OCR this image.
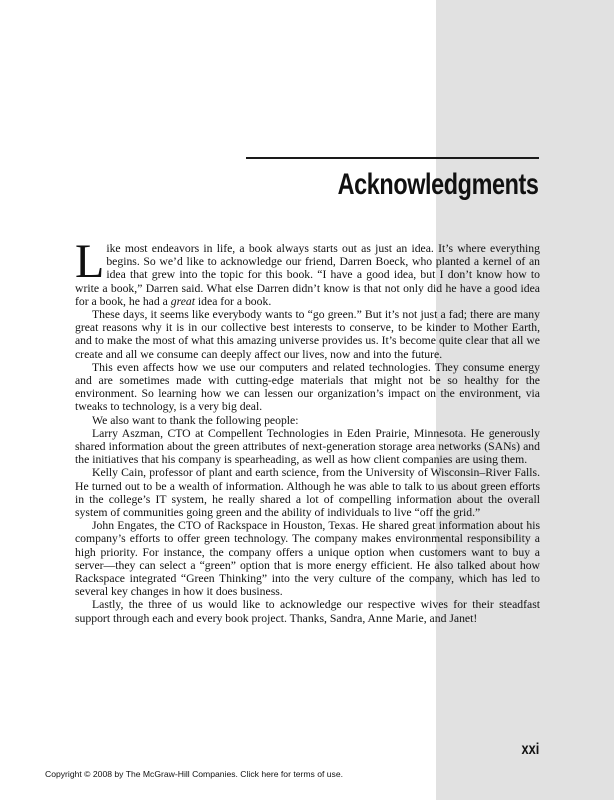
Acknowledgments

Like most endeavors in life, a book always starts out as just an idea. It’s where everything begins. So we’d like to acknowledge our friend, Darren Boeck, who planted a kernel of an idea that grew into the topic for this book. “I have a good idea, but I don’t know how to write a book,” Darren said. What else Darren didn’t know is that not only did he have a good idea for a book, he had a great idea for a book.

These days, it seems like everybody wants to “go green.” But it’s not just a fad; there are many great reasons why it is in our collective best interests to conserve, to be kinder to Mother Earth, and to make the most of what this amazing universe provides us. It’s become quite clear that all we create and all we consume can deeply affect our lives, now and into the future.

This even affects how we use our computers and related technologies. They consume energy and are sometimes made with cutting-edge materials that might not be so healthy for the environment. So learning how we can lessen our organization’s impact on the environment, via tweaks to technology, is a very big deal.

We also want to thank the following people:

Larry Aszman, CTO at Compellent Technologies in Eden Prairie, Minnesota. He generously shared information about the green attributes of next-generation storage area networks (SANs) and the initiatives that his company is spearheading, as well as how client companies are using them.

Kelly Cain, professor of plant and earth science, from the University of Wisconsin–River Falls. He turned out to be a wealth of information. Although he was able to talk to us about green efforts in the college’s IT system, he really shared a lot of compelling information about the overall system of communities going green and the ability of individuals to live “off the grid.”

John Engates, the CTO of Rackspace in Houston, Texas. He shared great information about his company’s efforts to offer green technology. The company makes environmental responsibility a high priority. For instance, the company offers a unique option when customers want to buy a server—they can select a “green” option that is more energy efficient. He also talked about how Rackspace integrated “Green Thinking” into the very culture of the company, which has led to several key changes in how it does business.

Lastly, the three of us would like to acknowledge our respective wives for their steadfast support through each and every book project. Thanks, Sandra, Anne Marie, and Janet!

xxi
Copyright © 2008 by The McGraw-Hill Companies. Click here for terms of use.
